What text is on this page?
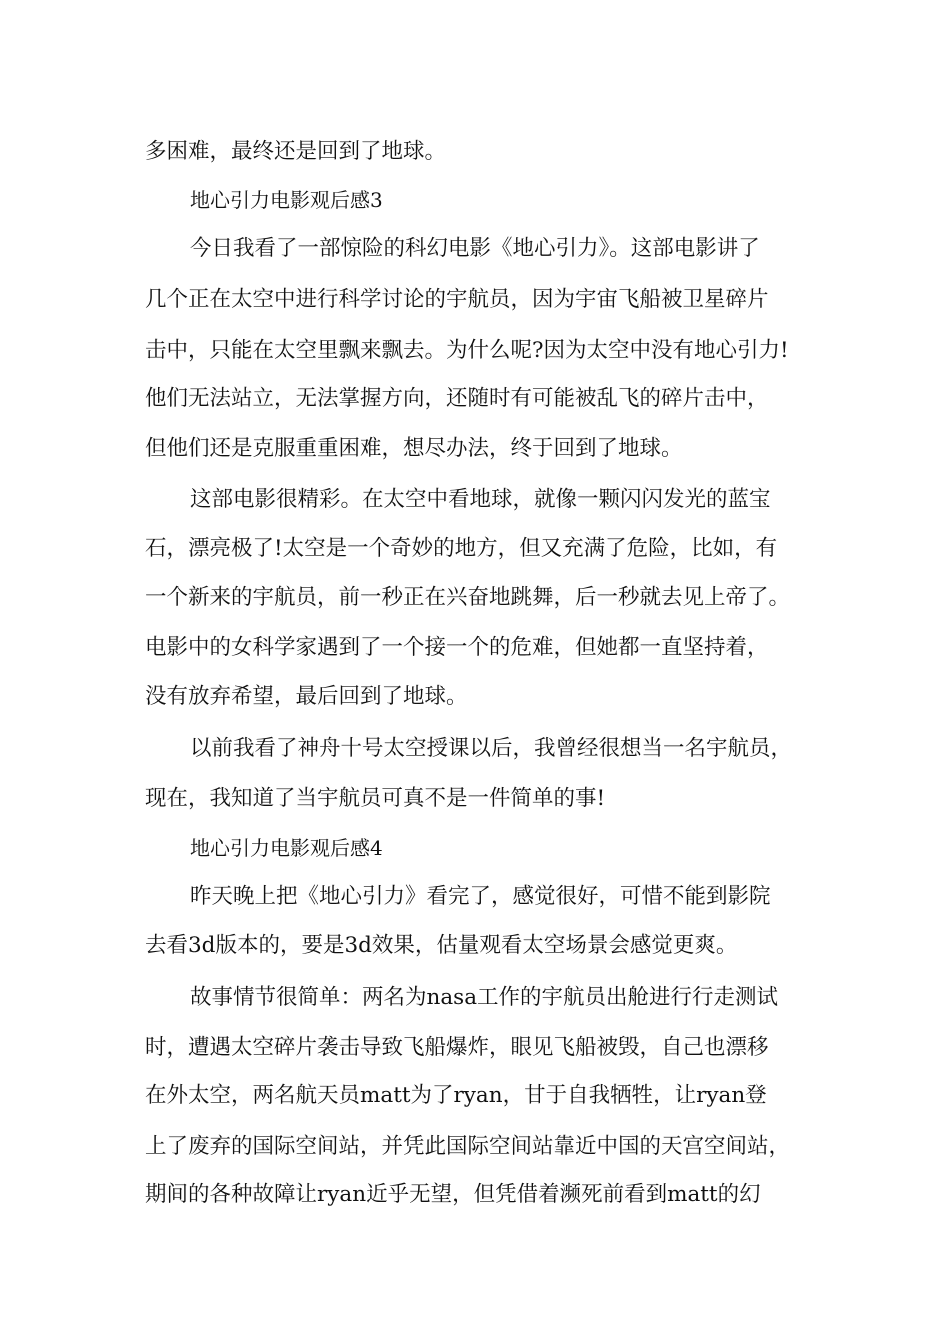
多困难，最终还是回到了地球。

地心引力电影观后感3

今日我看了一部惊险的科幻电影《地心引力》。这部电影讲了

几个正在太空中进行科学讨论的宇航员，因为宇宙飞船被卫星碎片

击中，只能在太空里飘来飘去。为什么呢?因为太空中没有地心引力!

他们无法站立，无法掌握方向，还随时有可能被乱飞的碎片击中，

但他们还是克服重重困难，想尽办法，终于回到了地球。

这部电影很精彩。在太空中看地球，就像一颗闪闪发光的蓝宝

石，漂亮极了!太空是一个奇妙的地方，但又充满了危险，比如，有

一个新来的宇航员，前一秒正在兴奋地跳舞，后一秒就去见上帝了。

电影中的女科学家遇到了一个接一个的危难，但她都一直坚持着，

没有放弃希望，最后回到了地球。

以前我看了神舟十号太空授课以后，我曾经很想当一名宇航员，

现在，我知道了当宇航员可真不是一件简单的事!

地心引力电影观后感4

昨天晚上把《地心引力》看完了，感觉很好，可惜不能到影院

去看3d版本的，要是3d效果，估量观看太空场景会感觉更爽。

故事情节很简单：两名为nasa工作的宇航员出舱进行行走测试

时，遭遇太空碎片袭击导致飞船爆炸，眼见飞船被毁，自己也漂移

在外太空，两名航天员matt为了ryan，甘于自我牺牲，让ryan登

上了废弃的国际空间站，并凭此国际空间站靠近中国的天宫空间站，

期间的各种故障让ryan近乎无望，但凭借着濒死前看到matt的幻
